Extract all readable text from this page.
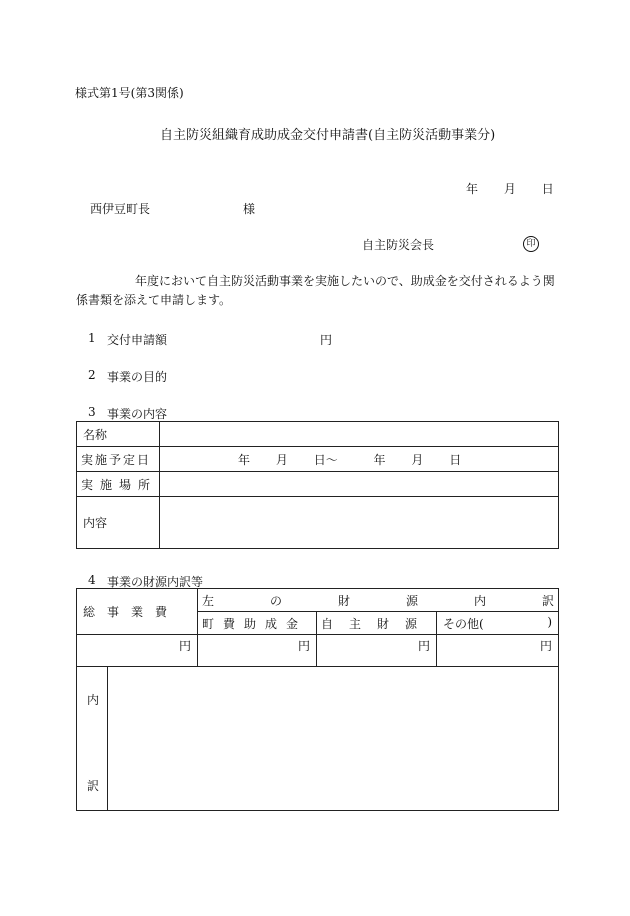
様式第1号(第3関係)
自主防災組織育成助成金交付申請書(自主防災活動事業分)
年 月 日
西伊豆町長	様
自主防災会長	印
年度において自主防災活動事業を実施したいので、助成金を交付されるよう関
係書類を添えて申請します。
1 交付申請額	円
2 事業の目的
3 事業の内容
名称	

実施予定日	年 月 日～ 年 月 日

実施場所	

内容	

4 事業の財源内訳等
総事業費		左の財源内訳		

		町費助成金	自主財源	その他( )

円		円	円	円

内
訳				
